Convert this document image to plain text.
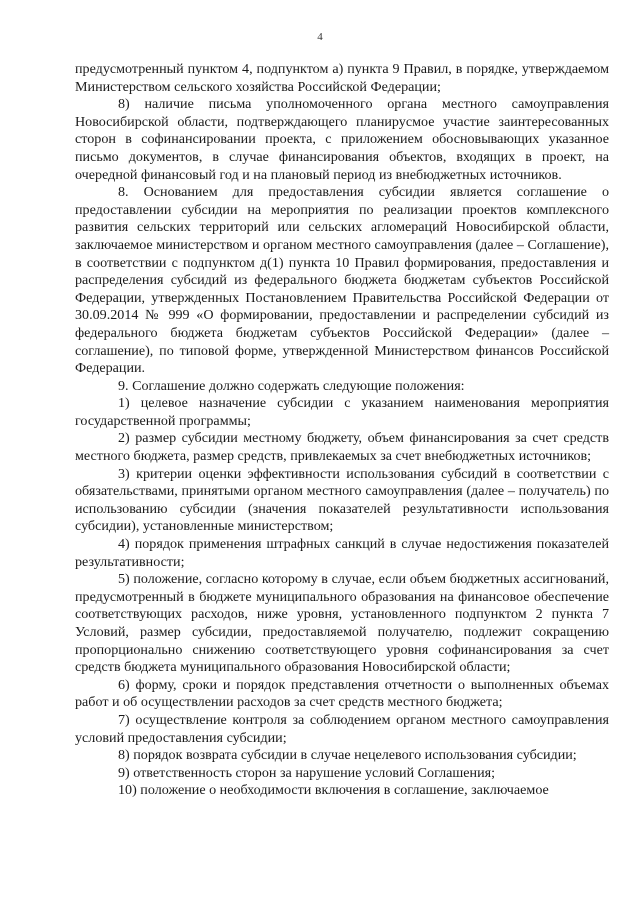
4

предусмотренный пунктом 4, подпунктом а) пункта 9 Правил, в порядке, утверждаемом Министерством сельского хозяйства Российской Федерации;

8) наличие письма уполномоченного органа местного самоуправления Новосибирской области, подтверждающего планирусмое участие заинтересованных сторон в софинансировании проекта, с приложением обосновывающих указанное письмо документов, в случае финансирования объектов, входящих в проект, на очередной финансовый год и на плановый период из внебюджетных источников.

8. Основанием для предоставления субсидии является соглашение о предоставлении субсидии на мероприятия по реализации проектов комплексного развития сельских территорий или сельских агломераций Новосибирской области, заключаемое министерством и органом местного самоуправления (далее – Соглашение), в соответствии с подпунктом д(1) пункта 10 Правил формирования, предоставления и распределения субсидий из федерального бюджета бюджетам субъектов Российской Федерации, утвержденных Постановлением Правительства Российской Федерации от 30.09.2014 № 999 «О формировании, предоставлении и распределении субсидий из федерального бюджета бюджетам субъектов Российской Федерации» (далее – соглашение), по типовой форме, утвержденной Министерством финансов Российской Федерации.

9. Соглашение должно содержать следующие положения:

1) целевое назначение субсидии с указанием наименования мероприятия государственной программы;

2) размер субсидии местному бюджету, объем финансирования за счет средств местного бюджета, размер средств, привлекаемых за счет внебюджетных источников;

3) критерии оценки эффективности использования субсидий в соответствии с обязательствами, принятыми органом местного самоуправления (далее – получатель) по использованию субсидии (значения показателей результативности использования субсидии), установленные министерством;

4) порядок применения штрафных санкций в случае недостижения показателей результативности;

5) положение, согласно которому в случае, если объем бюджетных ассигнований, предусмотренный в бюджете муниципального образования на финансовое обеспечение соответствующих расходов, ниже уровня, установленного подпунктом 2 пункта 7 Условий, размер субсидии, предоставляемой получателю, подлежит сокращению пропорционально снижению соответствующего уровня софинансирования за счет средств бюджета муниципального образования Новосибирской области;

6) форму, сроки и порядок представления отчетности о выполненных объемах работ и об осуществлении расходов за счет средств местного бюджета;

7) осуществление контроля за соблюдением органом местного самоуправления условий предоставления субсидии;

8) порядок возврата субсидии в случае нецелевого использования субсидии;

9) ответственность сторон за нарушение условий Соглашения;

10) положение о необходимости включения в соглашение, заключаемое
